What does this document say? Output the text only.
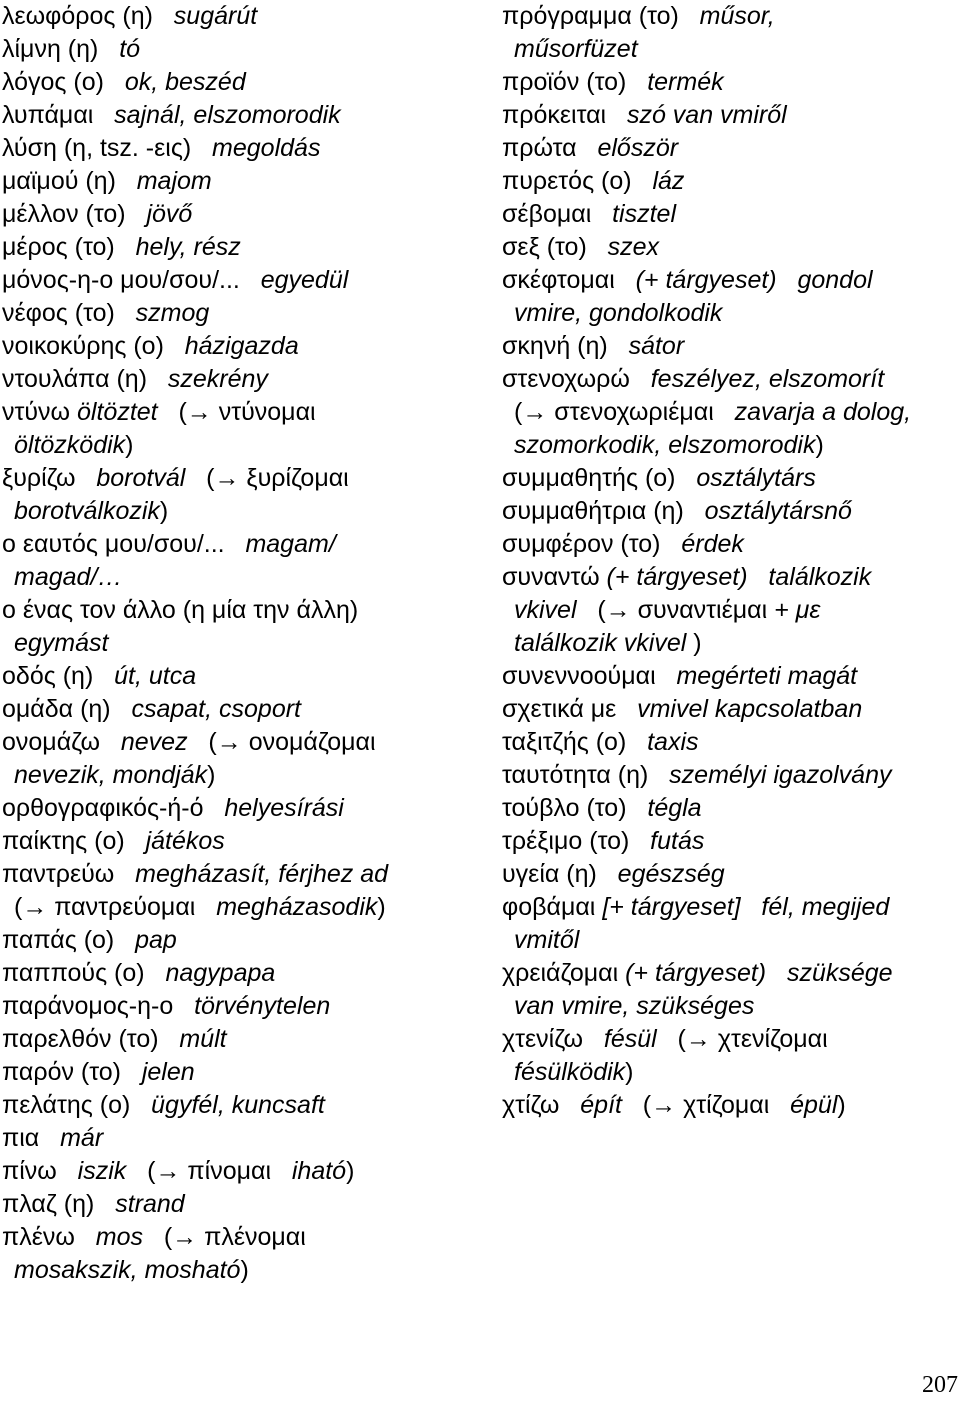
λεωφόρος (η)   sugárút
λίμνη (η)   tó
λόγος (ο)   ok, beszéd
λυπάμαι   sajnál, elszomorodik
λύση (η, tsz. -εις)   megoldás
μαϊμού (η)   majom
μέλλον (το)   jövő
μέρος (το)   hely, rész
μόνος-η-ο μου/σου/...   egyedül
νέφος (το)   szmog
νοικοκύρης (ο)   házigazda
ντουλάπα (η)   szekrény
ντύνω öltöztet   (→ ντύνομαι
öltözködik)
ξυρίζω   borotvál   (→ ξυρίζομαι
borotválkozik)
ο εαυτός μου/σου/...   magam/
magad/…
ο ένας τον άλλο (η μία την άλλη)
egymást
οδός (η)   út, utca
ομάδα (η)   csapat, csoport
ονομάζω   nevez   (→ ονομάζομαι
nevezik, mondják)
ορθογραφικός-ή-ό   helyesírási
παίκτης (ο)   játékos
παντρεύω   megházasít, férjhez ad
(→ παντρεύομαι   megházasodik)
παπάς (ο)   pap
παππούς (ο)   nagypapa
παράνομος-η-ο   törvénytelen
παρελθόν (το)   múlt
παρόν (το)   jelen
πελάτης (ο)   ügyfél, kuncsaft
πια   már
πίνω   iszik   (→ πίνομαι   iható)
πλαζ (η)   strand
πλένω   mos   (→ πλένομαι
mosakszik, mosható)
πρόγραμμα (το)   műsor,
műsorfüzet
προϊόν (το)   termék
πρόκειται   szó van vmiről
πρώτα   először
πυρετός (ο)   láz
σέβομαι   tisztel
σεξ (το)   szex
σκέφτομαι   (+ tárgyeset)   gondol
vmire, gondolkodik
σκηνή (η)   sátor
στενοχωρώ   feszélyez, elszomorít
(→ στενοχωριέμαι   zavarja a dolog,
szomorkodik, elszomorodik)
συμμαθητής (ο)   osztálytárs
συμμαθήτρια (η)   osztálytársnő
συμφέρον (το)   érdek
συναντώ (+ tárgyeset)   találkozik
vkivel   (→ συναντιέμαι + με
találkozik vkivel )
συνεννοούμαι   megérteti magát
σχετικά με   vmivel kapcsolatban
ταξιτζής (ο)   taxis
ταυτότητα (η)   személyi igazolvány
τούβλο (το)   tégla
τρέξιμο (το)   futás
υγεία (η)   egészség
φοβάμαι [+ tárgyeset]   fél, megijed
vmitől
χρειάζομαι (+ tárgyeset)   szüksége
van vmire, szükséges
χτενίζω   fésül   (→ χτενίζομαι
fésülködik)
χτίζω   épít   (→ χτίζομαι   épül)
207
